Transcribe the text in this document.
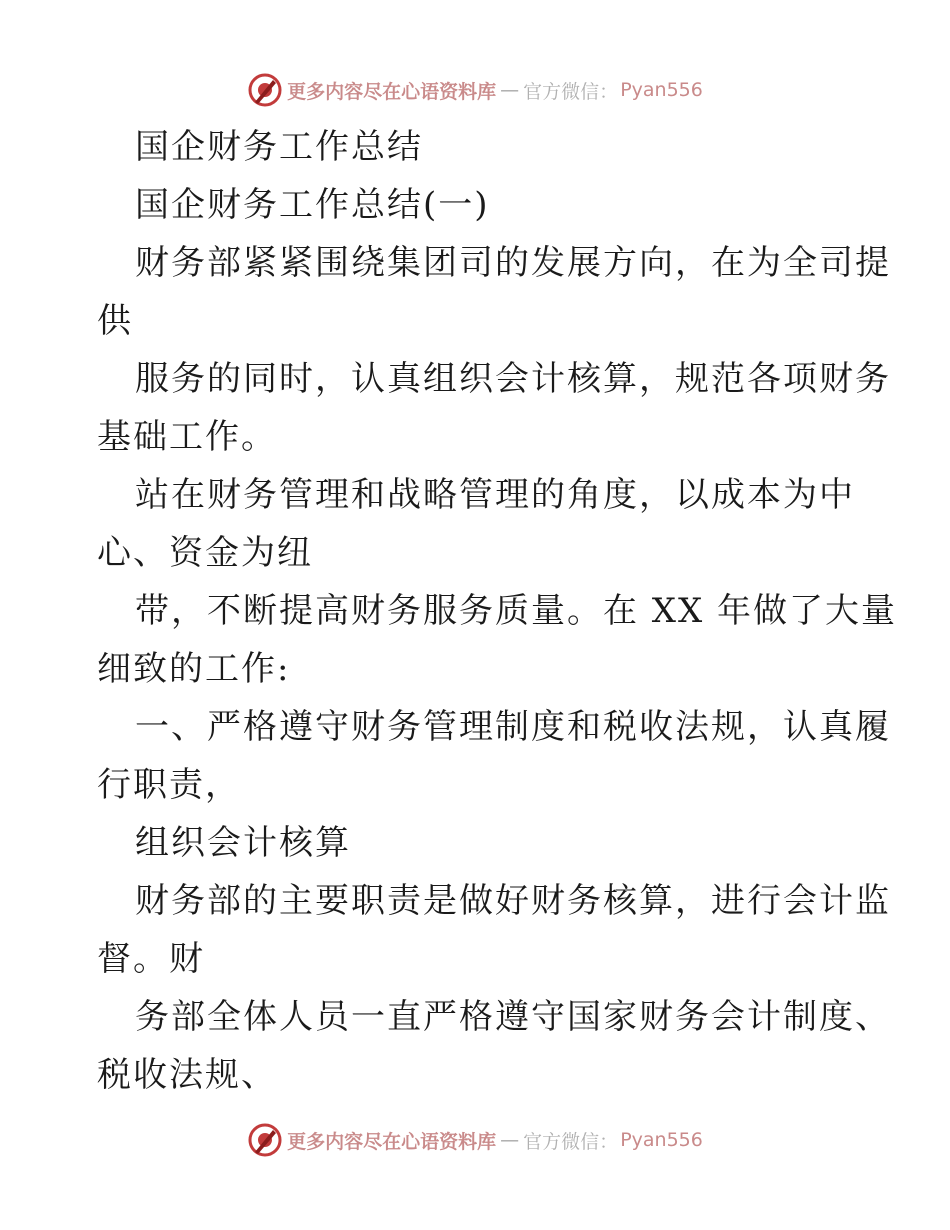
更多内容尽在心语资料库 — 官方微信： Pyan556
国企财务工作总结
国企财务工作总结(一)
财务部紧紧围绕集团司的发展方向，在为全司提
供
服务的同时，认真组织会计核算，规范各项财务
基础工作。
站在财务管理和战略管理的角度，以成本为中
心、资金为纽
带，不断提高财务服务质量。在 XX 年做了大量
细致的工作:
一、严格遵守财务管理制度和税收法规，认真履
行职责，
组织会计核算
财务部的主要职责是做好财务核算，进行会计监
督。财
务部全体人员一直严格遵守国家财务会计制度、
税收法规、
更多内容尽在心语资料库 — 官方微信： Pyan556
